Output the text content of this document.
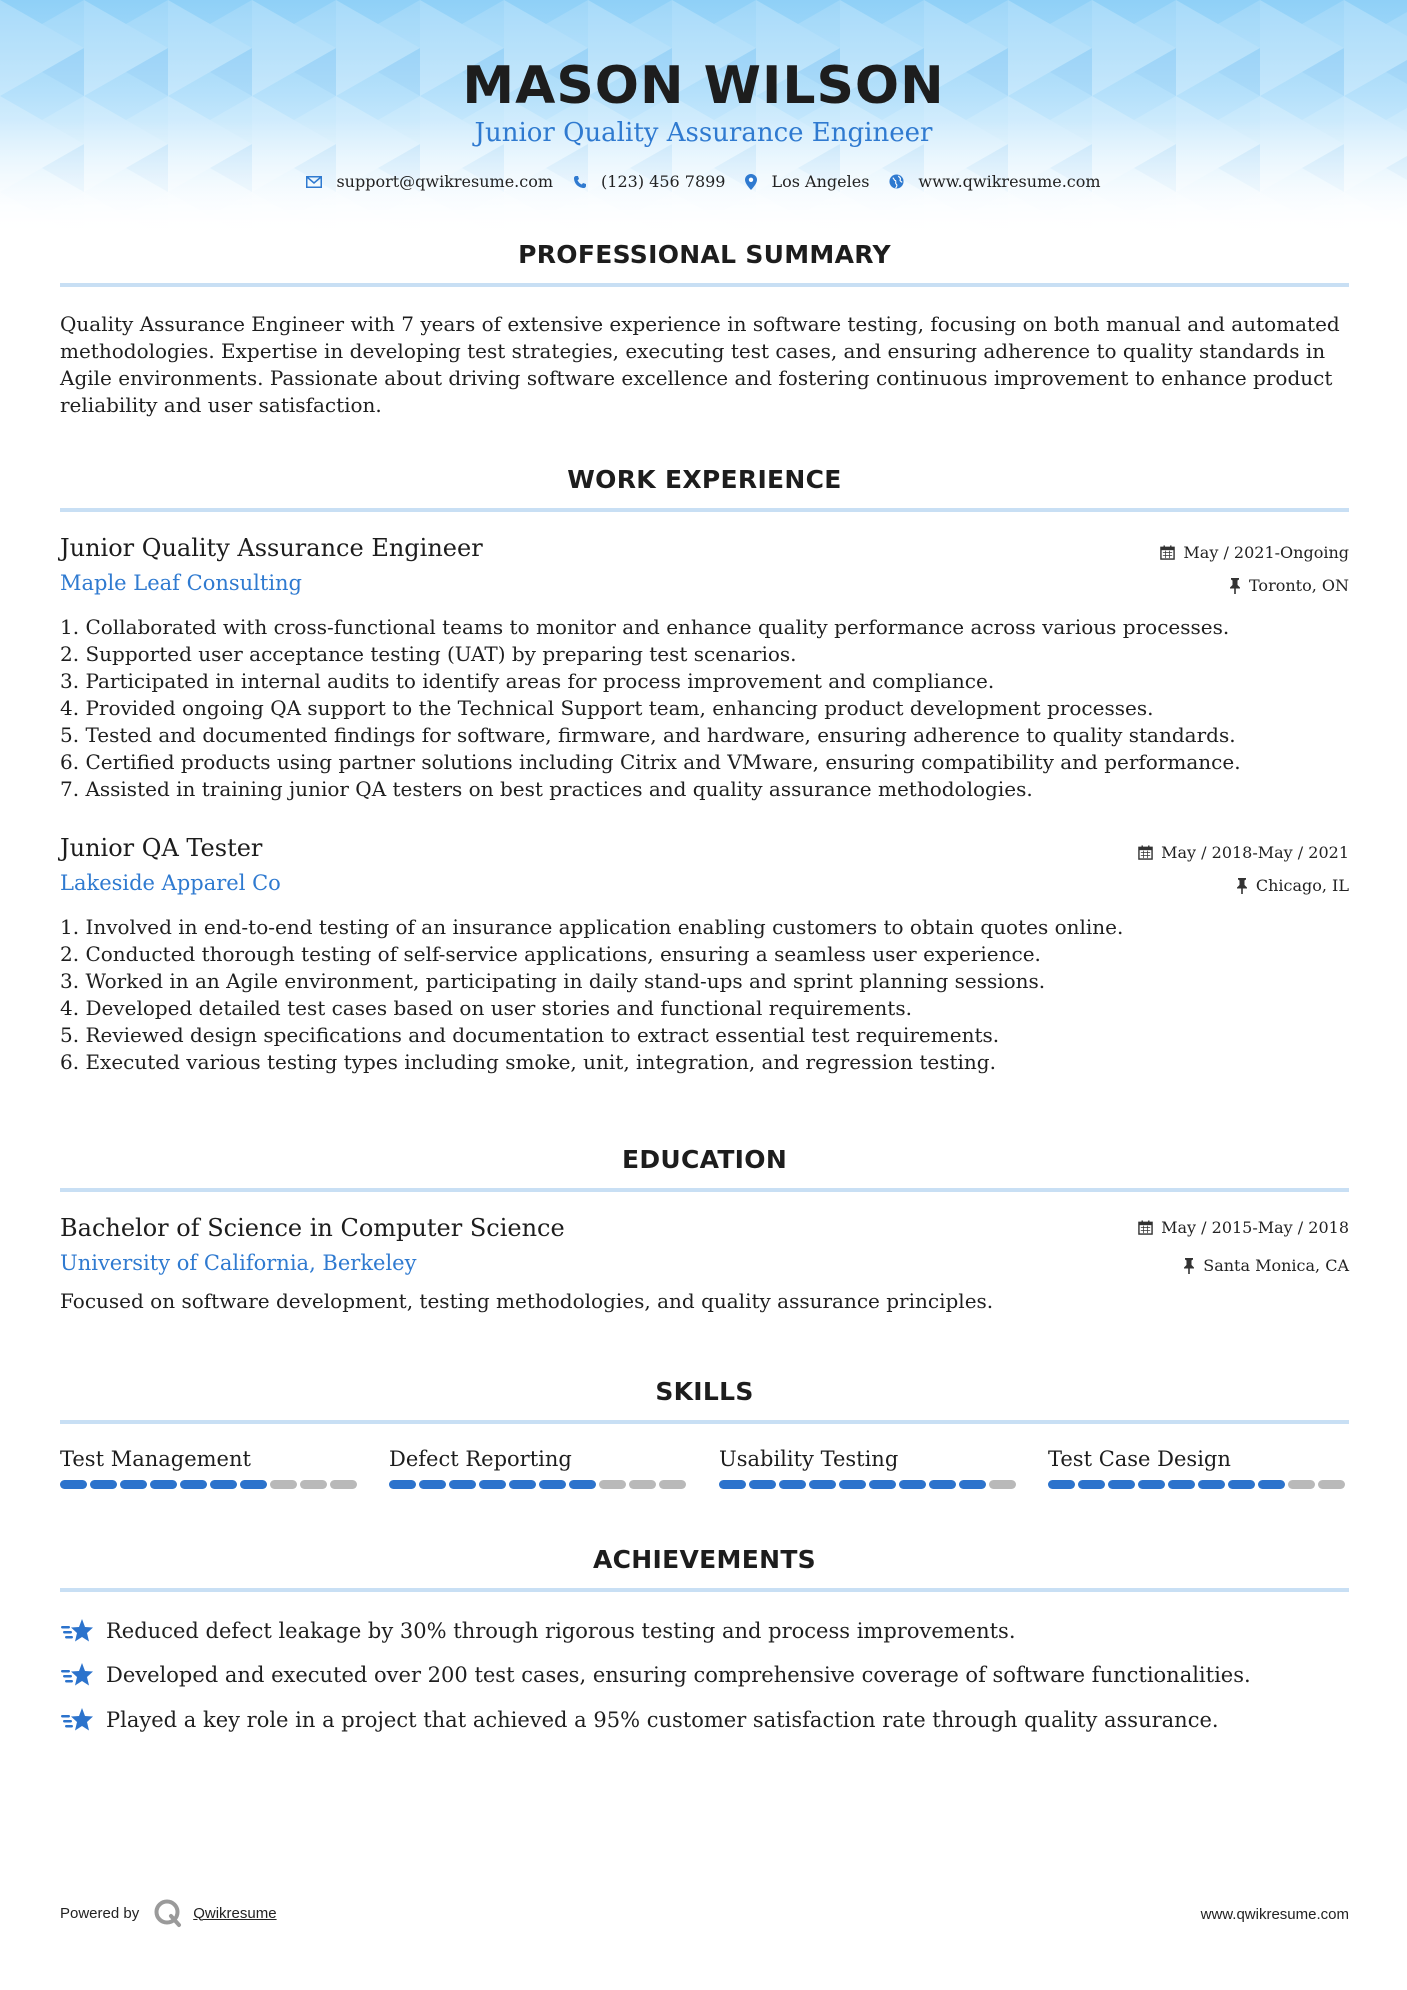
MASON WILSON
Junior Quality Assurance Engineer
support@qwikresume.com	(123) 456 7899	Los Angeles	www.qwikresume.com
PROFESSIONAL SUMMARY
Quality Assurance Engineer with 7 years of extensive experience in software testing, focusing on both manual and automated
methodologies. Expertise in developing test strategies, executing test cases, and ensuring adherence to quality standards in
Agile environments. Passionate about driving software excellence and fostering continuous improvement to enhance product
reliability and user satisfaction.
WORK EXPERIENCE
Junior Quality Assurance Engineer	May / 2021-Ongoing
Maple Leaf Consulting	Toronto, ON
1. Collaborated with cross-functional teams to monitor and enhance quality performance across various processes.
2. Supported user acceptance testing (UAT) by preparing test scenarios.
3. Participated in internal audits to identify areas for process improvement and compliance.
4. Provided ongoing QA support to the Technical Support team, enhancing product development processes.
5. Tested and documented findings for software, firmware, and hardware, ensuring adherence to quality standards.
6. Certified products using partner solutions including Citrix and VMware, ensuring compatibility and performance.
7. Assisted in training junior QA testers on best practices and quality assurance methodologies.
Junior QA Tester	May / 2018-May / 2021
Lakeside Apparel Co	Chicago, IL
1. Involved in end-to-end testing of an insurance application enabling customers to obtain quotes online.
2. Conducted thorough testing of self-service applications, ensuring a seamless user experience.
3. Worked in an Agile environment, participating in daily stand-ups and sprint planning sessions.
4. Developed detailed test cases based on user stories and functional requirements.
5. Reviewed design specifications and documentation to extract essential test requirements.
6. Executed various testing types including smoke, unit, integration, and regression testing.
EDUCATION
Bachelor of Science in Computer Science	May / 2015-May / 2018
University of California, Berkeley	Santa Monica, CA
Focused on software development, testing methodologies, and quality assurance principles.
SKILLS
Test Management	Defect Reporting	Usability Testing	Test Case Design
ACHIEVEMENTS
Reduced defect leakage by 30% through rigorous testing and process improvements.
Developed and executed over 200 test cases, ensuring comprehensive coverage of software functionalities.
Played a key role in a project that achieved a 95% customer satisfaction rate through quality assurance.
Powered by	Qwikresume	www.qwikresume.com
